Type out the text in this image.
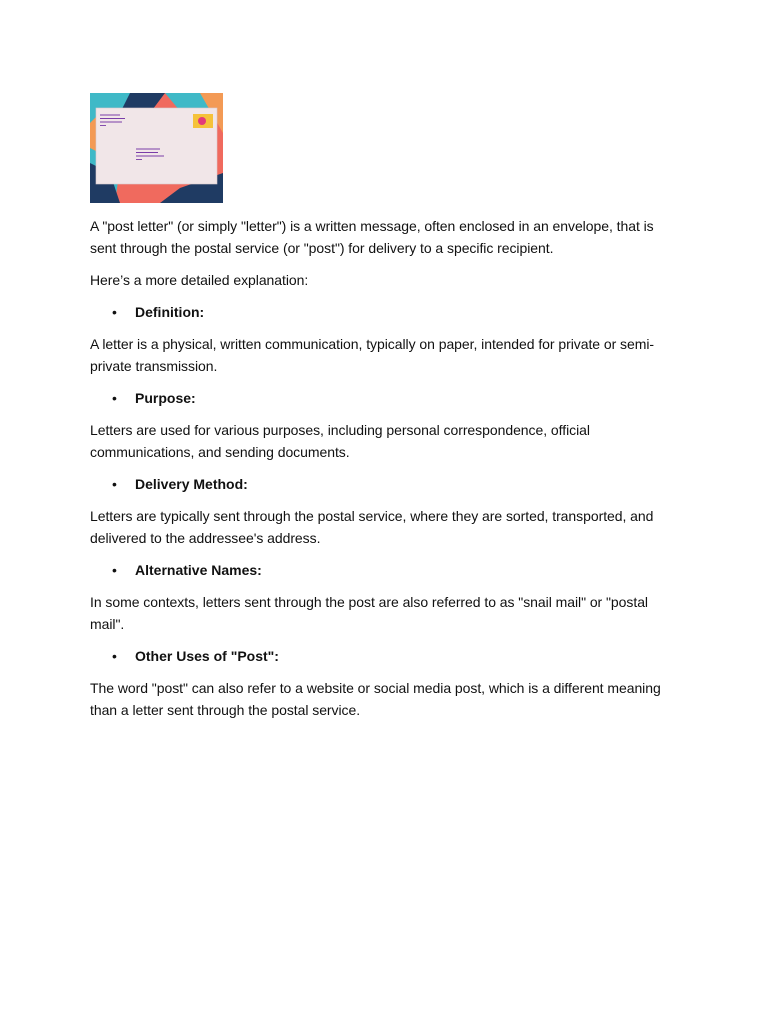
A "post letter" (or simply "letter") is a written message, often enclosed in an envelope, that is sent through the postal service (or "post") for delivery to a specific recipient.

Here’s a more detailed explanation:

• Definition:

A letter is a physical, written communication, typically on paper, intended for private or semi-private transmission.

• Purpose:

Letters are used for various purposes, including personal correspondence, official communications, and sending documents.

• Delivery Method:

Letters are typically sent through the postal service, where they are sorted, transported, and delivered to the addressee's address.

• Alternative Names:

In some contexts, letters sent through the post are also referred to as "snail mail" or "postal mail".

• Other Uses of "Post":

The word "post" can also refer to a website or social media post, which is a different meaning than a letter sent through the postal service.
